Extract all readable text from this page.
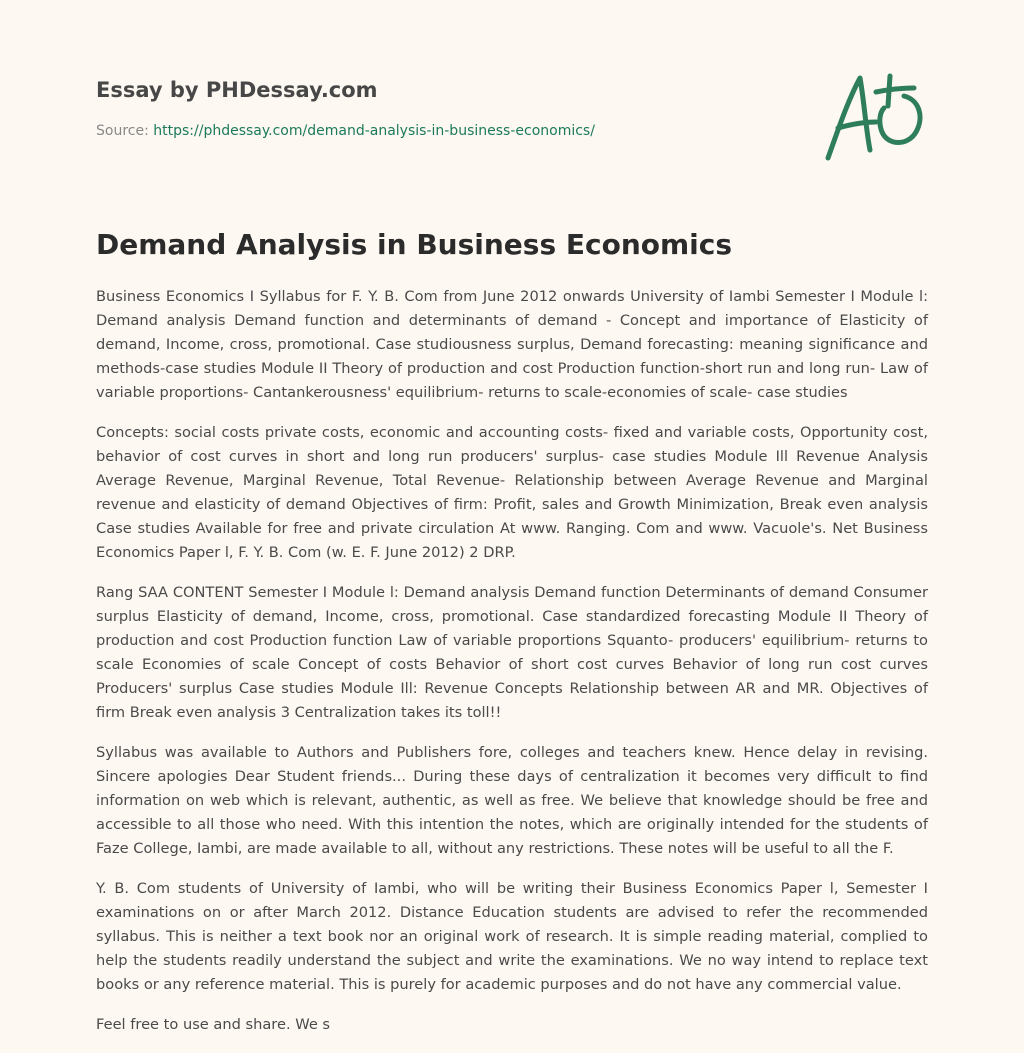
Essay by PHDessay.com
Source: https://phdessay.com/demand-analysis-in-business-economics/
Demand Analysis in Business Economics

Business Economics I Syllabus for F. Y. B. Com from June 2012 onwards University of Iambi Semester I Module l: Demand analysis Demand function and determinants of demand - Concept and importance of Elasticity of demand, Income, cross, promotional. Case studiousness surplus, Demand forecasting: meaning significance and methods-case studies Module II Theory of production and cost Production function-short run and long run- Law of variable proportions- Cantankerousness' equilibrium- returns to scale-economies of scale- case studies

Concepts: social costs private costs, economic and accounting costs- fixed and variable costs, Opportunity cost, behavior of cost curves in short and long run producers' surplus- case studies Module Ill Revenue Analysis Average Revenue, Marginal Revenue, Total Revenue- Relationship between Average Revenue and Marginal revenue and elasticity of demand Objectives of firm: Profit, sales and Growth Minimization, Break even analysis Case studies Available for free and private circulation At www. Ranging. Com and www. Vacuole's. Net Business Economics Paper l, F. Y. B. Com (w. E. F. June 2012) 2 DRP.

Rang SAA CONTENT Semester I Module l: Demand analysis Demand function Determinants of demand Consumer surplus Elasticity of demand, Income, cross, promotional. Case standardized forecasting Module II Theory of production and cost Production function Law of variable proportions Squanto- producers' equilibrium- returns to scale Economies of scale Concept of costs Behavior of short cost curves Behavior of long run cost curves Producers' surplus Case studies Module Ill: Revenue Concepts Relationship between AR and MR. Objectives of firm Break even analysis 3 Centralization takes its toll!!

Syllabus was available to Authors and Publishers fore, colleges and teachers knew. Hence delay in revising. Sincere apologies Dear Student friends... During these days of centralization it becomes very difficult to find information on web which is relevant, authentic, as well as free. We believe that knowledge should be free and accessible to all those who need. With this intention the notes, which are originally intended for the students of Faze College, Iambi, are made available to all, without any restrictions. These notes will be useful to all the F.

Y. B. Com students of University of Iambi, who will be writing their Business Economics Paper l, Semester I examinations on or after March 2012. Distance Education students are advised to refer the recommended syllabus. This is neither a text book nor an original work of research. It is simple reading material, complied to help the students readily understand the subject and write the examinations. We no way intend to replace text books or any reference material. This is purely for academic purposes and do not have any commercial value.

Feel free to use and share. We s
